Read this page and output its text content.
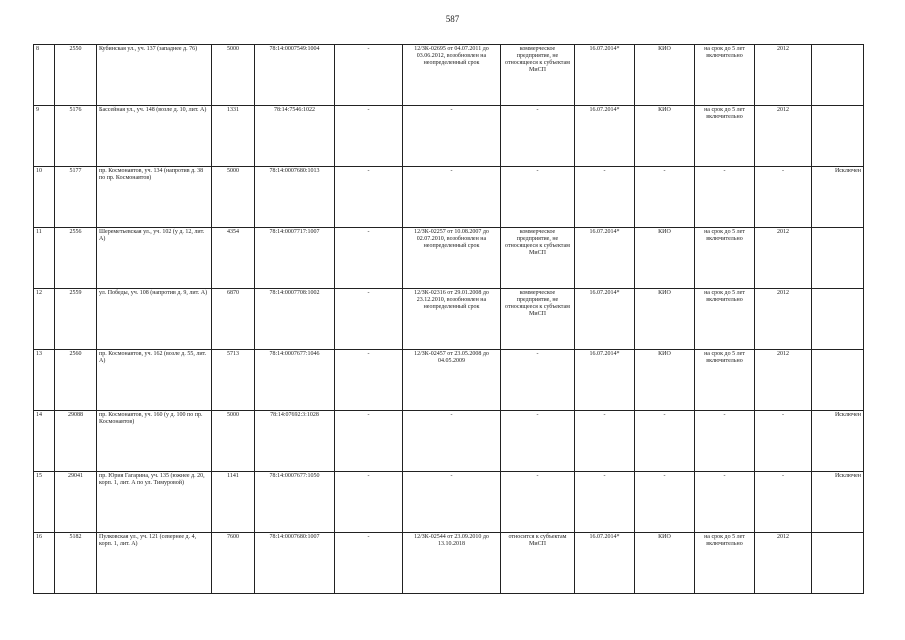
587
8	2550	Кубинская ул., уч. 137 (западнее д. 76)	5000	78:14:0007549:1004	-	12/ЗК-02695 от 04.07.2011 до 03.06.2012, возобновлен на неопределенный срок	коммерческое предприятие, не относящееся к субъектам МиСП	16.07.2014*	КИО	на срок до 5 лет включительно	2012	
9	5176	Бассейная ул., уч. 148 (возле д. 10, лит. А)	1331	78:14:7546:1022	-	-	-	16.07.2014*	КИО	на срок до 5 лет включительно	2012	
10	5177	пр. Космонавтов, уч. 134 (напротив д. 38 по пр. Космонавтов)	5000	78:14:0007680:1013	-	-	-	-	-	-	-	Исключен
11	2556	Шереметьевская ул., уч. 102 (у д. 12, лит. А)	4354	78:14:0007717:1007	-	12/ЗК-02257 от 10.08.2007 до 02.07.2010, возобновлен на неопределенный срок	коммерческое предприятие, не относящееся к субъектам МиСП	16.07.2014*	КИО	на срок до 5 лет включительно	2012	
12	2559	ул. Победы, уч. 108 (напротив д. 9, лит. А)	6870	78:14:0007708:1002	-	12/ЗК-02316 от 29.01.2008 до 23.12.2010, возобновлен на неопределенный срок	коммерческое предприятие, не относящееся к субъектам МиСП	16.07.2014*	КИО	на срок до 5 лет включительно	2012	
13	2560	пр. Космонавтов, уч. 162 (возле д. 55, лит. А)	5713	78:14:0007677:1046	-	12/ЗК-02457 от 23.05.2008 до 04.05.2009	-	16.07.2014*	КИО	на срок до 5 лет включительно	2012	
14	29088	пр. Космонавтов, уч. 160 (у д. 100 по пр. Космонавтов)	5000	78:14:07692:3:1028	-	-	-	-	-	-	-	Исключен
15	29041	пр. Юрия Гагарина, уч. 135 (южнее д. 20, корп. 1, лит. А по ул. Тимуровой)	1141	78:14:0007677:1050	-	-	-	-	-	-	-	Исключен
16	5182	Пулковская ул., уч. 121 (севернее д. 4, корп. 1, лит. А)	7600	78:14:0007680:1007	-	12/ЗК-02544 от 23.09.2010 до 13.10.2018	относится к субъектам МиСП	16.07.2014*	КИО	на срок до 5 лет включительно	2012	
